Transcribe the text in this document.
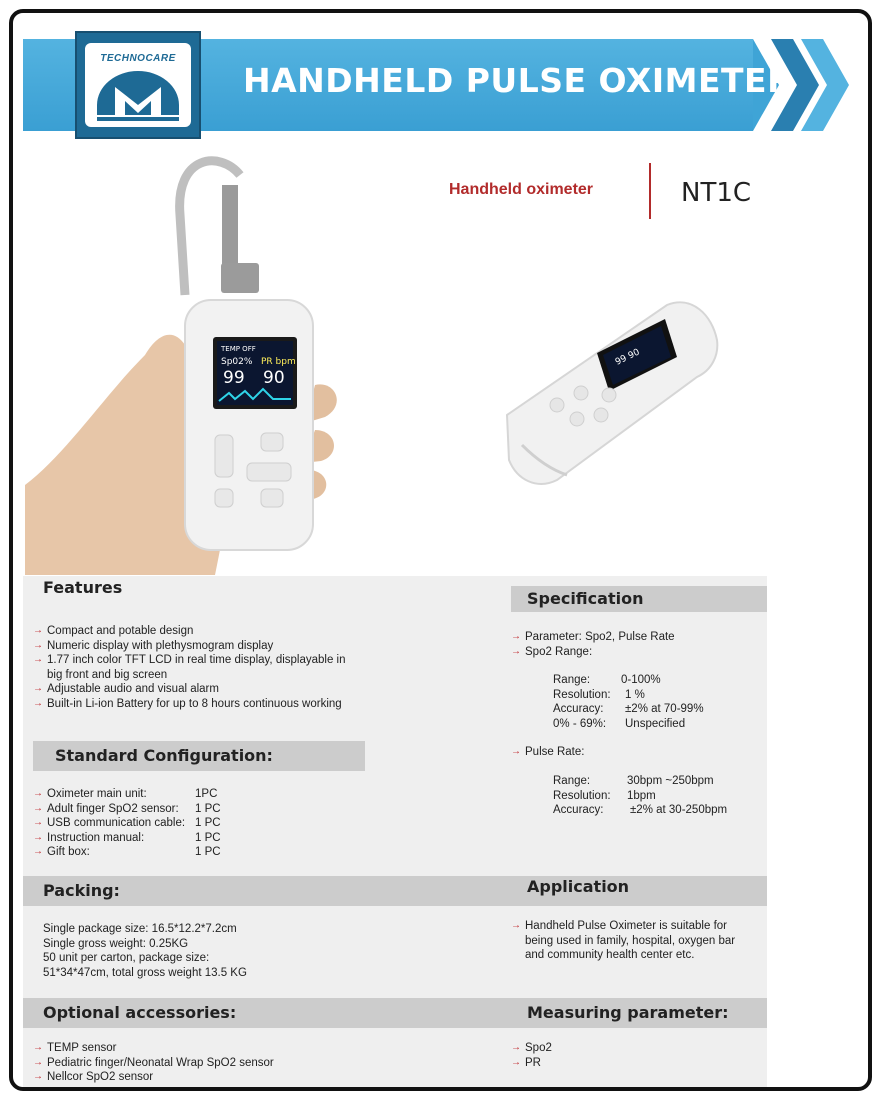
TECHNOCARE
HANDHELD PULSE OXIMETER
TEMP OFF
Sp02% PR bpm
99 90
99 90
Handheld oximeter	NT1C
Features
→ Compact and potable design
→ Numeric display with plethysmogram display
→ 1.77 inch color TFT LCD in real time display, displayable in big front and big screen
→ Adjustable audio and visual alarm
→ Built-in Li-ion Battery for up to 8 hours continuous working
Specification
→ Parameter: Spo2, Pulse Rate
→ Spo2 Range:
Range:	0-100%
Resolution:	1 %
Accuracy:	±2% at 70-99%
0% - 69%:	Unspecified
→ Pulse Rate:
Range:	30bpm ~250bpm
Resolution:	1bpm
Accuracy:	±2% at 30-250bpm
Standard Configuration:
→ Oximeter main unit:	1PC
→ Adult finger SpO2 sensor: 1 PC
→ USB communication cable: 1 PC
→ Instruction manual:	1 PC
→ Gift box:	1 PC
Packing:	Application
Single package size: 16.5*12.2*7.2cm
Single gross weight: 0.25KG
50 unit per carton, package size:
51*34*47cm, total gross weight 13.5 KG
→ Handheld Pulse Oximeter is suitable for being used in family, hospital, oxygen bar and community health center etc.
Optional accessories:	Measuring parameter:
→ TEMP sensor
→ Pediatric finger/Neonatal Wrap SpO2 sensor
→ Nellcor SpO2 sensor
→ Spo2
→ PR
